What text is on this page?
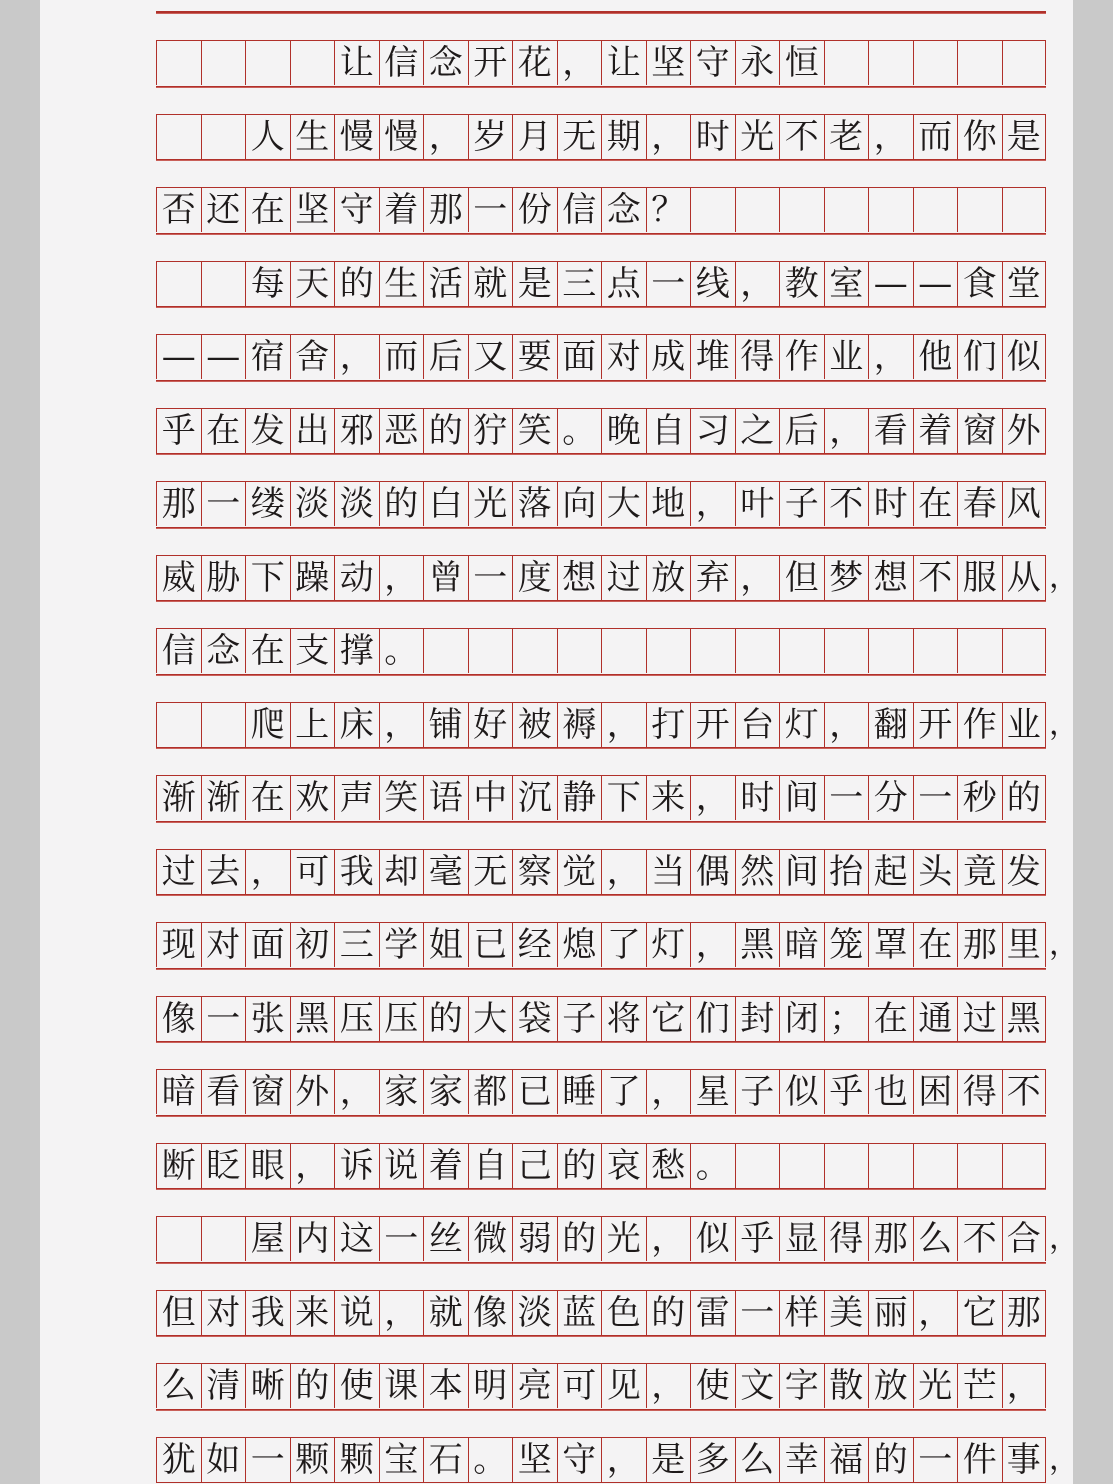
让 信 念 开 花 ， 让 坚 守 永 恒
人 生 慢 慢 ， 岁 月 无 期 ， 时 光 不 老 ， 而 你 是
否 还 在 坚 守 着 那 一 份 信 念 ？
每 天 的 生 活 就 是 三 点 一 线 ， 教 室 — — 食 堂
— — 宿 舍 ， 而 后 又 要 面 对 成 堆 得 作 业 ， 他 们 似
乎 在 发 出 邪 恶 的 狞 笑 。 晚 自 习 之 后 ， 看 着 窗 外
那 一 缕 淡 淡 的 白 光 落 向 大 地 ， 叶 子 不 时 在 春 风
威 胁 下 躁 动 ， 曾 一 度 想 过 放 弃 ， 但 梦 想 不 服 从 ，
信 念 在 支 撑 。
爬 上 床 ， 铺 好 被 褥 ， 打 开 台 灯 ， 翻 开 作 业 ，
渐 渐 在 欢 声 笑 语 中 沉 静 下 来 ， 时 间 一 分 一 秒 的
过 去 ， 可 我 却 毫 无 察 觉 ， 当 偶 然 间 抬 起 头 竟 发
现 对 面 初 三 学 姐 已 经 熄 了 灯 ， 黑 暗 笼 罩 在 那 里 ，
像 一 张 黑 压 压 的 大 袋 子 将 它 们 封 闭 ； 在 通 过 黑
暗 看 窗 外 ， 家 家 都 已 睡 了 ， 星 子 似 乎 也 困 得 不
断 眨 眼 ， 诉 说 着 自 己 的 哀 愁 。
屋 内 这 一 丝 微 弱 的 光 ， 似 乎 显 得 那 么 不 合 ，
但 对 我 来 说 ， 就 像 淡 蓝 色 的 雷 一 样 美 丽 ， 它 那
么 清 晰 的 使 课 本 明 亮 可 见 ， 使 文 字 散 放 光 芒 ，
犹 如 一 颗 颗 宝 石 。 坚 守 ， 是 多 么 幸 福 的 一 件 事 ，
